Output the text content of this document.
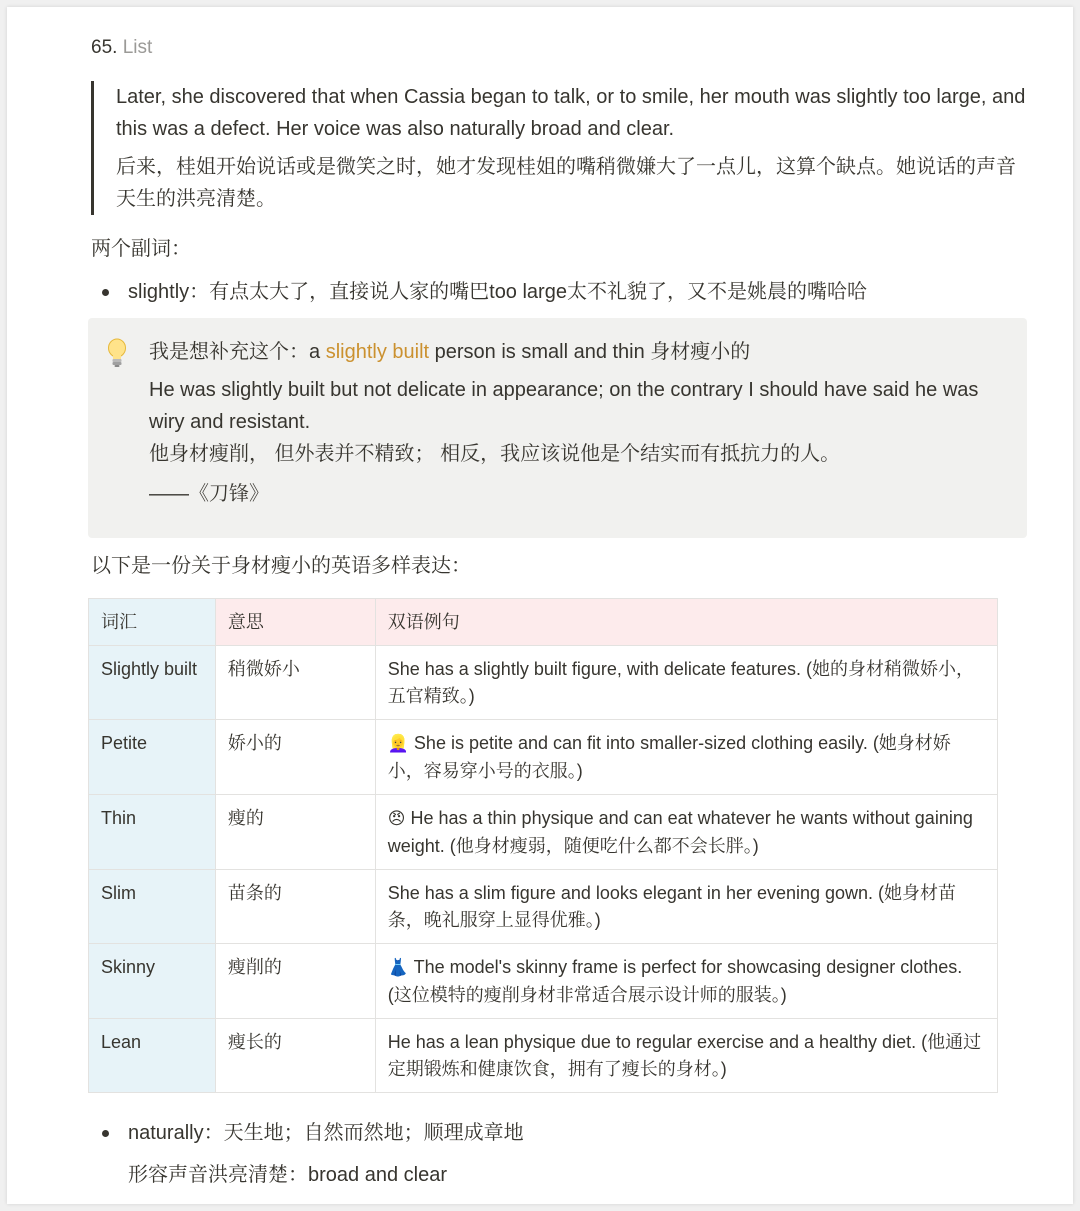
65. List

Later, she discovered that when Cassia began to talk, or to smile, her mouth was slightly too large, and this was a defect. Her voice was also naturally broad and clear.

后来，桂姐开始说话或是微笑之时，她才发现桂姐的嘴稍微嫌大了一点儿，这算个缺点。她说话的声音天生的洪亮清楚。

两个副词：
slightly：有点太大了，直接说人家的嘴巴too large太不礼貌了，又不是姚晨的嘴哈哈

我是想补充这个：a slightly built person is small and thin 身材瘦小的

He was slightly built but not delicate in appearance; on the contrary I should have said he was wiry and resistant.

他身材瘦削， 但外表并不精致； 相反，我应该说他是个结实而有抵抗力的人。

——《刀锋》

以下是一份关于身材瘦小的英语多样表达：
词汇	意思	双语例句
Slightly built	稍微娇小	She has a slightly built figure, with delicate features. (她的身材稍微娇小，五官精致。)
Petite	娇小的	👱‍♀️ She is petite and can fit into smaller-sized clothing easily. (她身材娇小，容易穿小号的衣服。)
Thin	瘦的	😠 He has a thin physique and can eat whatever he wants without gaining weight. (他身材瘦弱，随便吃什么都不会长胖。)
Slim	苗条的	She has a slim figure and looks elegant in her evening gown. (她身材苗条，晚礼服穿上显得优雅。)
Skinny	瘦削的	👗 The model's skinny frame is perfect for showcasing designer clothes. (这位模特的瘦削身材非常适合展示设计师的服装。)
Lean	瘦长的	He has a lean physique due to regular exercise and a healthy diet. (他通过定期锻炼和健康饮食，拥有了瘦长的身材。)
naturally：天生地；自然而然地；顺理成章地
形容声音洪亮清楚：broad and clear
